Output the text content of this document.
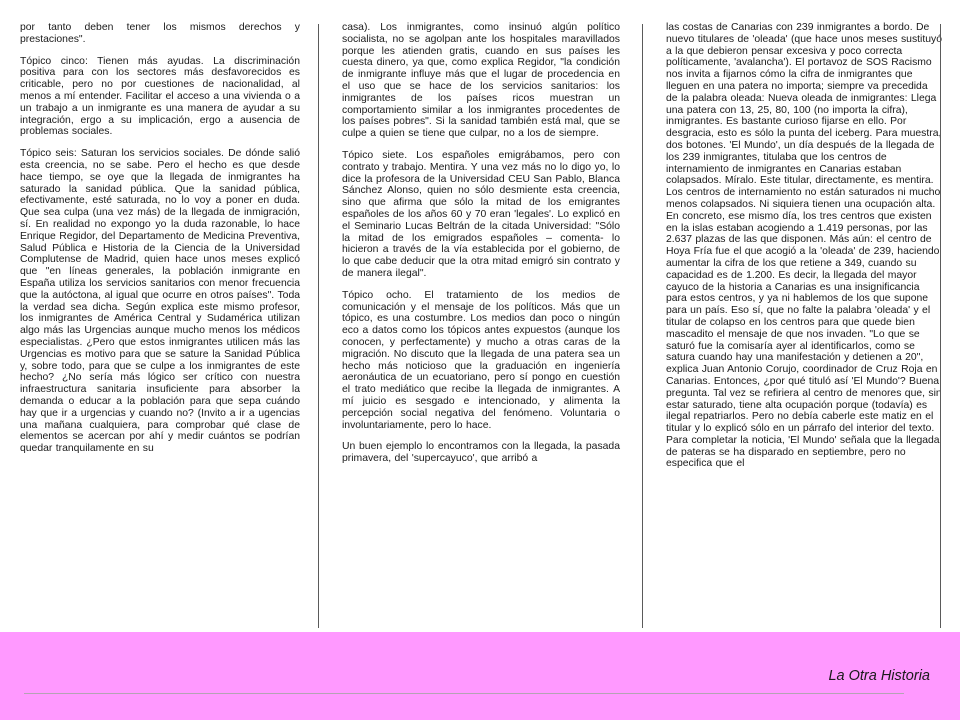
por tanto deben tener los mismos derechos y prestaciones".

Tópico cinco: Tienen más ayudas. La discriminación positiva para con los sectores más desfavorecidos es criticable, pero no por cuestiones de nacionalidad, al menos a mí entender. Facilitar el acceso a una vivienda o a un trabajo a un inmigrante es una manera de ayudar a su integración, ergo a su implicación, ergo a ausencia de problemas sociales.

Tópico seis: Saturan los servicios sociales. De dónde salió esta creencia, no se sabe. Pero el hecho es que desde hace tiempo, se oye que la llegada de inmigrantes ha saturado la sanidad pública. Que la sanidad pública, efectivamente, esté saturada, no lo voy a poner en duda. Que sea culpa (una vez más) de la llegada de inmigración, sí. En realidad no expongo yo la duda razonable, lo hace Enrique Regidor, del Departamento de Medicina Preventiva, Salud Pública e Historia de la Ciencia de la Universidad Complutense de Madrid, quien hace unos meses explicó que "en líneas generales, la población inmigrante en España utiliza los servicios sanitarios con menor frecuencia que la autóctona, al igual que ocurre en otros países". Toda la verdad sea dicha. Según explica este mismo profesor, los inmigrantes de América Central y Sudamérica utilizan algo más las Urgencias aunque mucho menos los médicos especialistas. ¿Pero que estos inmigrantes utilicen más las Urgencias es motivo para que se sature la Sanidad Pública y, sobre todo, para que se culpe a los inmigrantes de este hecho? ¿No sería más lógico ser crítico con nuestra infraestructura sanitaria insuficiente para absorber la demanda o educar a la población para que sepa cuándo hay que ir a urgencias y cuando no? (Invito a ir a ugencias una mañana cualquiera, para comprobar qué clase de elementos se acercan por ahí y medir cuántos se podrían quedar tranquilamente en su

casa). Los inmigrantes, como insinuó algún político socialista, no se agolpan ante los hospitales maravillados porque les atienden gratis, cuando en sus países les cuesta dinero, ya que, como explica Regidor, "la condición de inmigrante influye más que el lugar de procedencia en el uso que se hace de los servicios sanitarios: los inmigrantes de los países ricos muestran un comportamiento similar a los inmigrantes procedentes de los países pobres". Si la sanidad también está mal, que se culpe a quien se tiene que culpar, no a los de siempre.

Tópico siete. Los españoles emigrábamos, pero con contrato y trabajo. Mentira. Y una vez más no lo digo yo, lo dice la profesora de la Universidad CEU San Pablo, Blanca Sánchez Alonso, quien no sólo desmiente esta creencia, sino que afirma que sólo la mitad de los emigrantes españoles de los años 60 y 70 eran 'legales'. Lo explicó en el Seminario Lucas Beltrán de la citada Universidad: "Sólo la mitad de los emigrados españoles – comenta- lo hicieron a través de la vía establecida por el gobierno, de lo que cabe deducir que la otra mitad emigró sin contrato y de manera ilegal".

Tópico ocho. El tratamiento de los medios de comunicación y el mensaje de los políticos. Más que un tópico, es una costumbre. Los medios dan poco o ningún eco a datos como los tópicos antes expuestos (aunque los conocen, y perfectamente) y mucho a otras caras de la migración. No discuto que la llegada de una patera sea un hecho más noticioso que la graduación en ingeniería aeronáutica de un ecuatoriano, pero sí pongo en cuestión el trato mediático que recibe la llegada de inmigrantes. A mí juicio es sesgado e intencionado, y alimenta la percepción social negativa del fenómeno. Voluntaria o involuntariamente, pero lo hace.

Un buen ejemplo lo encontramos con la llegada, la pasada primavera, del 'supercayuco', que arribó a

las costas de Canarias con 239 inmigrantes a bordo. De nuevo titulares de 'oleada' (que hace unos meses sustituyó a la que debieron pensar excesiva y poco correcta políticamente, 'avalancha'). El portavoz de SOS Racismo nos invita a fijarnos cómo la cifra de inmigrantes que lleguen en una patera no importa; siempre va precedida de la palabra oleada: Nueva oleada de inmigrantes: Llega una patera con 13, 25, 80, 100 (no importa la cifra), inmigrantes. Es bastante curioso fijarse en ello. Por desgracia, esto es sólo la punta del iceberg. Para muestra, dos botones. 'El Mundo', un día después de la llegada de los 239 inmigrantes, titulaba que los centros de internamiento de inmigrantes en Canarias estaban colapsados. Míralo. Este titular, directamente, es mentira. Los centros de internamiento no están saturados ni mucho menos colapsados. Ni siquiera tienen una ocupación alta. En concreto, ese mismo día, los tres centros que existen en la islas estaban acogiendo a 1.419 personas, por las 2.637 plazas de las que disponen. Más aún: el centro de Hoya Fría fue el que acogió a la 'oleada' de 239, haciendo aumentar la cifra de los que retiene a 349, cuando su capacidad es de 1.200. Es decir, la llegada del mayor cayuco de la historia a Canarias es una insignificancia para estos centros, y ya ni hablemos de los que supone para un país. Eso sí, que no falte la palabra 'oleada' y el titular de colapso en los centros para que quede bien mascadito el mensaje de que nos invaden. "Lo que se saturó fue la comisaría ayer al identificarlos, como se satura cuando hay una manifestación y detienen a 20", explica Juan Antonio Corujo, coordinador de Cruz Roja en Canarias. Entonces, ¿por qué tituló así 'El Mundo'? Buena pregunta. Tal vez se refiriera al centro de menores que, sin estar saturado, tiene alta ocupación porque (todavía) es ilegal repatriarlos. Pero no debía caberle este matiz en el titular y lo explicó sólo en un párrafo del interior del texto. Para completar la noticia, 'El Mundo' señala que la llegada de pateras se ha disparado en septiembre, pero no especifica que el

La Otra Historia
